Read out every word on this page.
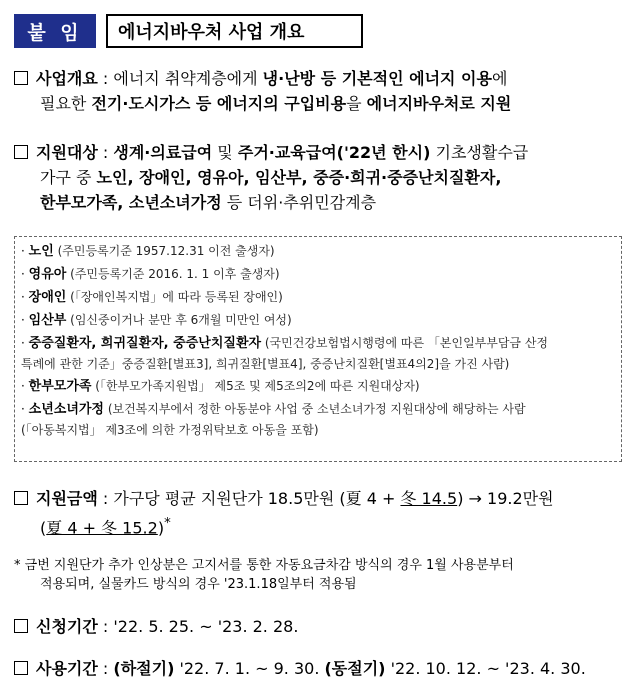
붙 임	에너지바우처 사업 개요

사업개요 : 에너지 취약계층에게 냉·난방 등 기본적인 에너지 이용에

필요한 전기·도시가스 등 에너지의 구입비용을 에너지바우처로 지원

지원대상 : 생계·의료급여 및 주거·교육급여('22년 한시) 기초생활수급

가구 중 노인, 장애인, 영유아, 임산부, 중증·희귀·중증난치질환자,

한부모가족, 소년소녀가정 등 더위·추위민감계층

· 노인 (주민등록기준 1957.12.31 이전 출생자)
· 영유아 (주민등록기준 2016. 1. 1 이후 출생자)
· 장애인 (「장애인복지법」에 따라 등록된 장애인)
· 임산부 (임신중이거나 분만 후 6개월 미만인 여성)
· 중증질환자, 희귀질환자, 중증난치질환자 (국민건강보험법시행령에 따른 「본인일부부담금 산정
특례에 관한 기준」중증질환[별표3], 희귀질환[별표4], 중증난치질환[별표4의2]을 가진 사람)
· 한부모가족 (「한부모가족지원법」 제5조 및 제5조의2에 따른 지원대상자)
· 소년소녀가정 (보건복지부에서 정한 아동분야 사업 중 소년소녀가정 지원대상에 해당하는 사람
(「아동복지법」 제3조에 의한 가정위탁보호 아동을 포함)

지원금액 : 가구당 평균 지원단가 18.5만원 (夏 4 + 冬 14.5) → 19.2만원

(夏 4 + 冬 15.2)*

* 금번 지원단가 추가 인상분은 고지서를 통한 자동요금차감 방식의 경우 1월 사용분부터
적용되며, 실물카드 방식의 경우 '23.1.18일부터 적용됨

신청기간 : '22. 5. 25. ~ '23. 2. 28.

사용기간 : (하절기) '22. 7. 1. ~ 9. 30. (동절기) '22. 10. 12. ~ '23. 4. 30.
